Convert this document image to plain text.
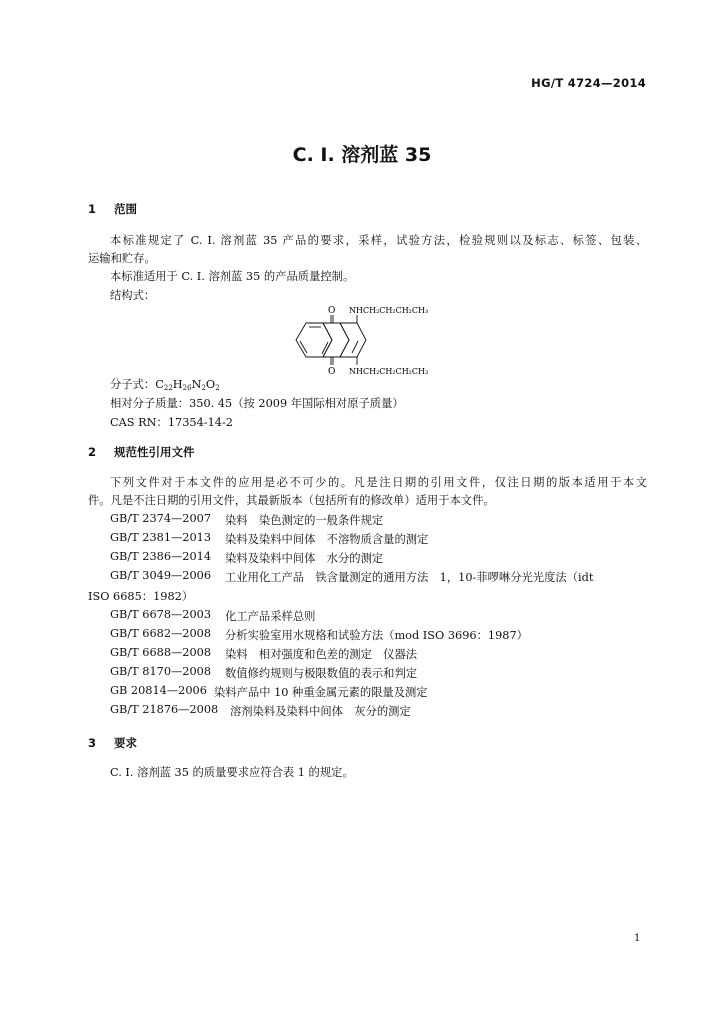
HG/T 4724—2014
C. I. 溶剂蓝 35
1 范围
本标准规定了 C. I. 溶剂蓝 35 产品的要求，采样，试验方法，检验规则以及标志、标签、包装、
运输和贮存。
本标准适用于 C. I. 溶剂蓝 35 的产品质量控制。
结构式：
O
O
NHCH₂CH₂CH₂CH₃
NHCH₂CH₂CH₂CH₃
分子式：$C_{22}H_{26}N_2O_2$
相对分子质量：350. 45（按 2009 年国际相对原子质量）
CAS RN：17354-14-2
2 规范性引用文件
下列文件对于本文件的应用是必不可少的。凡是注日期的引用文件，仅注日期的版本适用于本文
件。凡是不注日期的引用文件，其最新版本（包括所有的修改单）适用于本文件。
GB/T 2374—2007 染料　染色测定的一般条件规定
GB/T 2381—2013 染料及染料中间体　不溶物质含量的测定
GB/T 2386—2014 染料及染料中间体　水分的测定
GB/T 3049—2006 工业用化工产品　铁含量测定的通用方法　1，10-菲啰啉分光光度法（idt
ISO 6685：1982）
GB/T 6678—2003 化工产品采样总则
GB/T 6682—2008 分析实验室用水规格和试验方法（mod ISO 3696：1987）
GB/T 6688—2008 染料　相对强度和色差的测定　仪器法
GB/T 8170—2008 数值修约规则与极限数值的表示和判定
GB 20814—2006 染料产品中 10 种重金属元素的限量及测定
GB/T 21876—2008 溶剂染料及染料中间体　灰分的测定
3 要求
C. I. 溶剂蓝 35 的质量要求应符合表 1 的规定。
1
